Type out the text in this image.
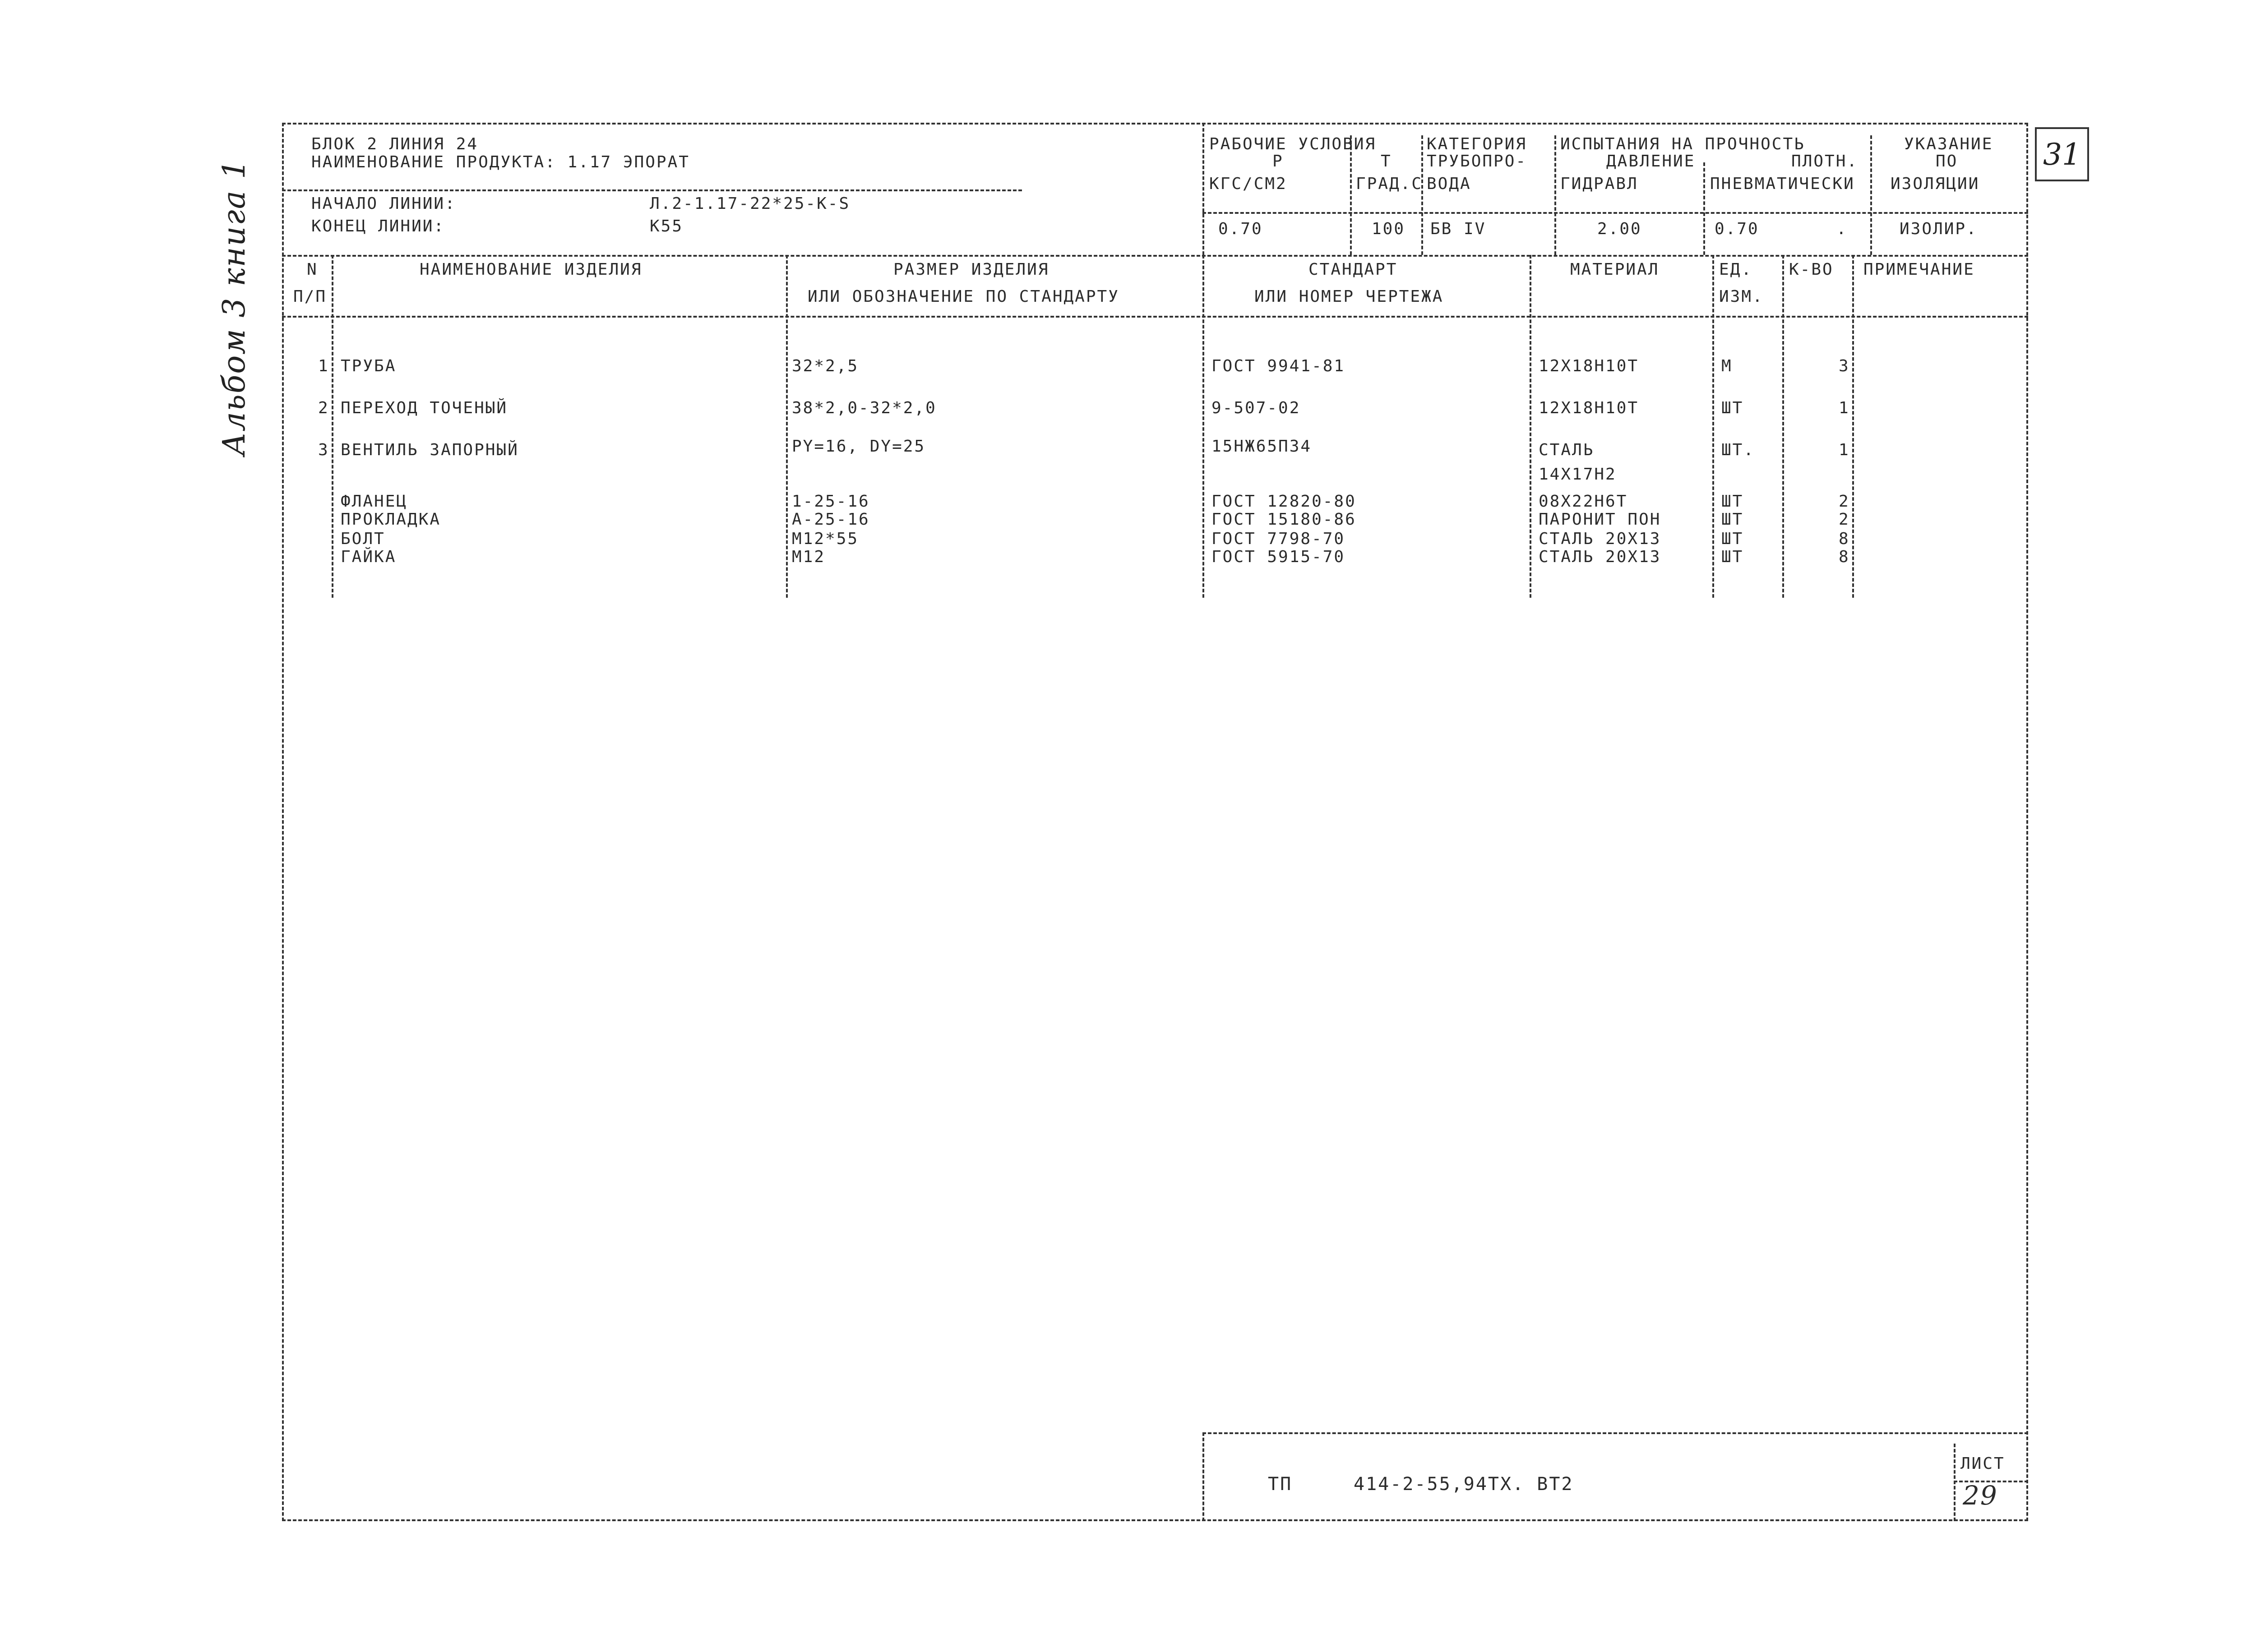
Альбом 3 книга 1
31
БЛОК 2 ЛИНИЯ 24
НАИМЕНОВАНИЕ ПРОДУКТА: 1.17 ЭПОРАТ
НАЧАЛО ЛИНИИ:	Л.2-1.17-22*25-К-S
КОНЕЦ ЛИНИИ:	К55
РАБОЧИЕ УСЛОВИЯ
Р	Т
КГС/СМ2	ГРАД.С
КАТЕГОРИЯ
ТРУБОПРО-
ВОДА
ИСПЫТАНИЯ НА ПРОЧНОСТЬ
ДАВЛЕНИЕ	ПЛОТН.
ГИДРАВЛ	ПНЕВМАТИЧЕСКИ
УКАЗАНИЕ
ПО
ИЗОЛЯЦИИ
0.70	100 БВ IV	2.00	0.70	.	ИЗОЛИР.
N
П/П
НАИМЕНОВАНИЕ ИЗДЕЛИЯ	РАЗМЕР ИЗДЕЛИЯ
ИЛИ ОБОЗНАЧЕНИЕ ПО СТАНДАРТУ
СТАНДАРТ
ИЛИ НОМЕР ЧЕРТЕЖА
МАТЕРИАЛ	ЕД.
ИЗМ.
К-ВО ПРИМЕЧАНИЕ
1 ТРУБА	32*2,5	ГОСТ 9941-81	12Х18Н10Т	М	3
2 ПЕРЕХОД ТОЧЕНЫЙ	38*2,0-32*2,0	9-507-02	12Х18Н10Т	ШТ	1
3 ВЕНТИЛЬ ЗАПОРНЫЙ	РY=16, DY=25	15НЖ65П34	СТАЛЬ	ШТ.	1
14Х17Н2
ФЛАНЕЦ	1-25-16	ГОСТ 12820-80	08Х22Н6Т	ШТ	2
ПРОКЛАДКА	А-25-16	ГОСТ 15180-86	ПАРОНИТ ПОН	ШТ	2
БОЛТ	М12*55	ГОСТ 7798-70	СТАЛЬ 20Х13	ШТ	8
ГАЙКА	М12	ГОСТ 5915-70	СТАЛЬ 20Х13	ШТ	8
ТП	414-2-55,94ТХ. ВТ2
ЛИСТ
29
